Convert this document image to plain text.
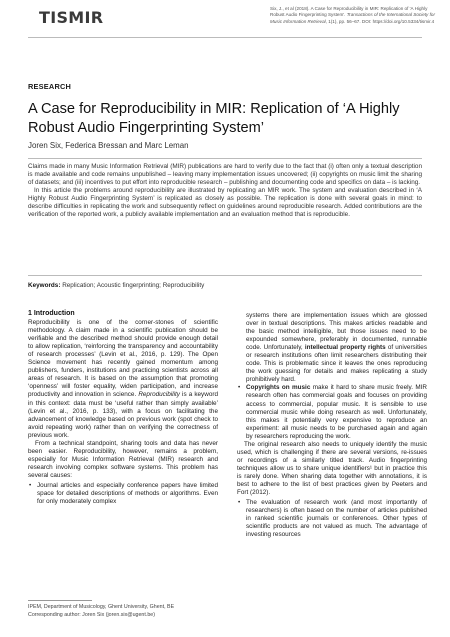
TISMIR	Six, J., et al (2018). A Case for Reproducibility in MIR: Replication of 'A Highly Robust Audio Fingerprinting System'. Transactions of the International Society for Music Information Retrieval, 1(1), pp. 56–67. DOI: https://doi.org/10.5334/tismir.4
RESEARCH
A Case for Reproducibility in MIR: Replication of ‘A Highly Robust Audio Fingerprinting System’
Joren Six, Federica Bressan and Marc Leman

Claims made in many Music Information Retrieval (MIR) publications are hard to verify due to the fact that (i) often only a textual description is made available and code remains unpublished – leaving many implementation issues uncovered; (ii) copyrights on music limit the sharing of datasets; and (iii) incentives to put effort into reproducible research – publishing and documenting code and specifics on data – is lacking.

In this article the problems around reproducibility are illustrated by replicating an MIR work. The system and evaluation described in ‘A Highly Robust Audio Fingerprinting System’ is replicated as closely as possible. The replication is done with several goals in mind: to describe difficulties in replicating the work and subsequently reflect on guidelines around reproducible research. Added contributions are the verification of the reported work, a publicly available implementation and an evaluation method that is reproducible.

Keywords: Replication; Acoustic fingerprinting; Reproducibility

1 Introduction

Reproducibility is one of the corner-stones of scientific methodology. A claim made in a scientific publication should be verifiable and the described method should provide enough detail to allow replication, ‘reinforcing the transparency and accountability of research processes’ (Levin et al., 2016, p. 129). The Open Science movement has recently gained momentum among publishers, funders, institutions and practicing scientists across all areas of research. It is based on the assumption that promoting ‘openness’ will foster equality, widen participation, and increase productivity and innovation in science. Reproducibility is a keyword in this context: data must be ‘useful rather than simply available’ (Levin et al., 2016, p. 133), with a focus on facilitating the advancement of knowledge based on previous work (spot check to avoid repeating work) rather than on verifying the correctness of previous work.

From a technical standpoint, sharing tools and data has never been easier. Reproducibility, however, remains a problem, especially for Music Information Retrieval (MIR) research and research involving complex software systems. This problem has several causes:

• Journal articles and especially conference papers have limited space for detailed descriptions of methods or algorithms. Even for only moderately complex
systems there are implementation issues which are glossed over in textual descriptions. This makes articles readable and the basic method intelligible, but those issues need to be expounded somewhere, preferably in documented, runnable code. Unfortunately, intellectual property rights of universities or research institutions often limit researchers distributing their code. This is problematic since it leaves the ones reproducing the work guessing for details and makes replicating a study prohibitively hard.
• Copyrights on music make it hard to share music freely. MIR research often has commercial goals and focuses on providing access to commercial, popular music. It is sensible to use commercial music while doing research as well. Unfortunately, this makes it potentially very expensive to reproduce an experiment: all music needs to be purchased again and again by researchers reproducing the work.

The original research also needs to uniquely identify the music used, which is challenging if there are several versions, re-issues or recordings of a similarly titled track. Audio fingerprinting techniques allow us to share unique identifiers¹ but in practice this is rarely done. When sharing data together with annotations, it is best to adhere to the list of best practices given by Peeters and Fort (2012).

• The evaluation of research work (and most importantly of researchers) is often based on the number of articles published in ranked scientific journals or conferences. Other types of scientific products are not valued as much. The advantage of investing resources
IPEM, Department of Musicology, Ghent University, Ghent, BE
Corresponding author: Joren Six (joren.six@ugent.be)
